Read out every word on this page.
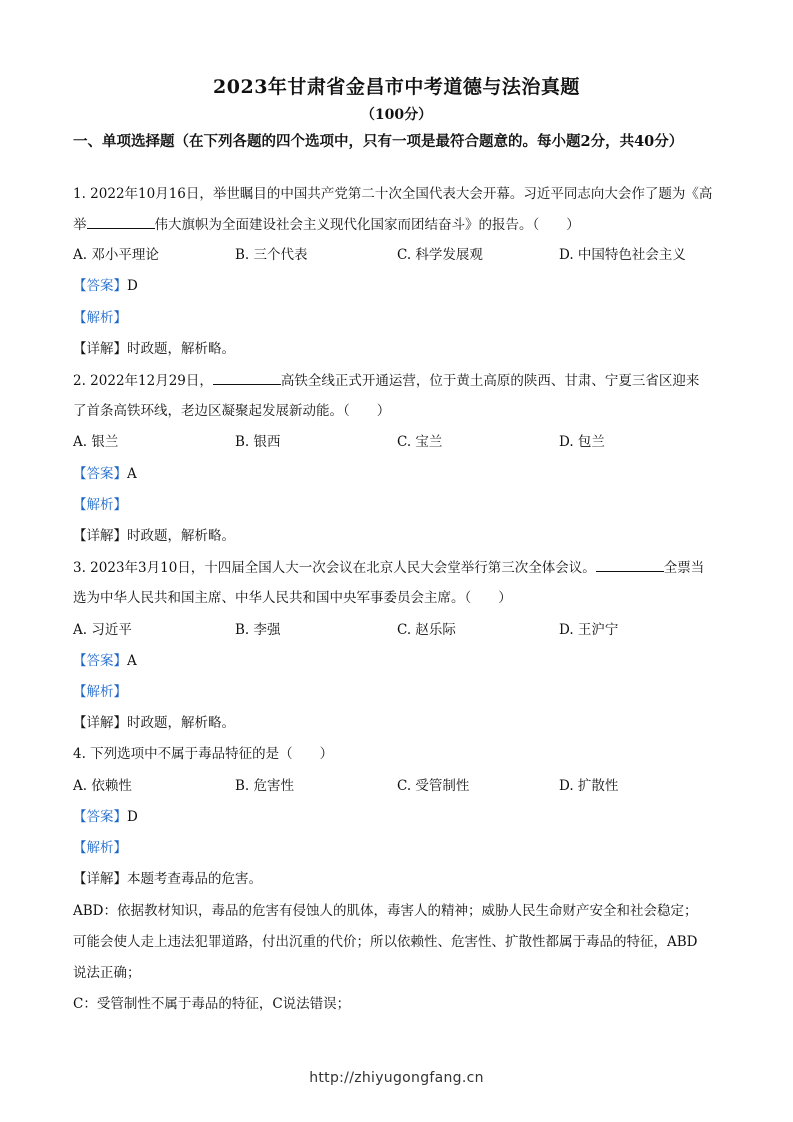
2023年甘肃省金昌市中考道德与法治真题
（100分）
一、单项选择题（在下列各题的四个选项中，只有一项是最符合题意的。每小题2分，共40分）
1. 2022年10月16日，举世瞩目的中国共产党第二十次全国代表大会开幕。习近平同志向大会作了题为《高
举	伟大旗帜为全面建设社会主义现代化国家而团结奋斗》的报告。（　　）
A. 邓小平理论	B. 三个代表	C. 科学发展观	D. 中国特色社会主义
【答案】D
【解析】
【详解】时政题，解析略。
2. 2022年12月29日，	高铁全线正式开通运营，位于黄土高原的陕西、甘肃、宁夏三省区迎来
了首条高铁环线，老边区凝聚起发展新动能。（　　）
A. 银兰	B. 银西	C. 宝兰	D. 包兰
【答案】A
【解析】
【详解】时政题，解析略。
3. 2023年3月10日，十四届全国人大一次会议在北京人民大会堂举行第三次全体会议。	全票当
选为中华人民共和国主席、中华人民共和国中央军事委员会主席。（　　）
A. 习近平	B. 李强	C. 赵乐际	D. 王沪宁
【答案】A
【解析】
【详解】时政题，解析略。
4. 下列选项中不属于毒品特征的是（　　）
A. 依赖性	B. 危害性	C. 受管制性	D. 扩散性
【答案】D
【解析】
【详解】本题考查毒品的危害。
ABD：依据教材知识，毒品的危害有侵蚀人的肌体，毒害人的精神；威胁人民生命财产安全和社会稳定；
可能会使人走上违法犯罪道路，付出沉重的代价；所以依赖性、危害性、扩散性都属于毒品的特征，ABD
说法正确；
C：受管制性不属于毒品的特征，C说法错误；
http://zhiyugongfang.cn
